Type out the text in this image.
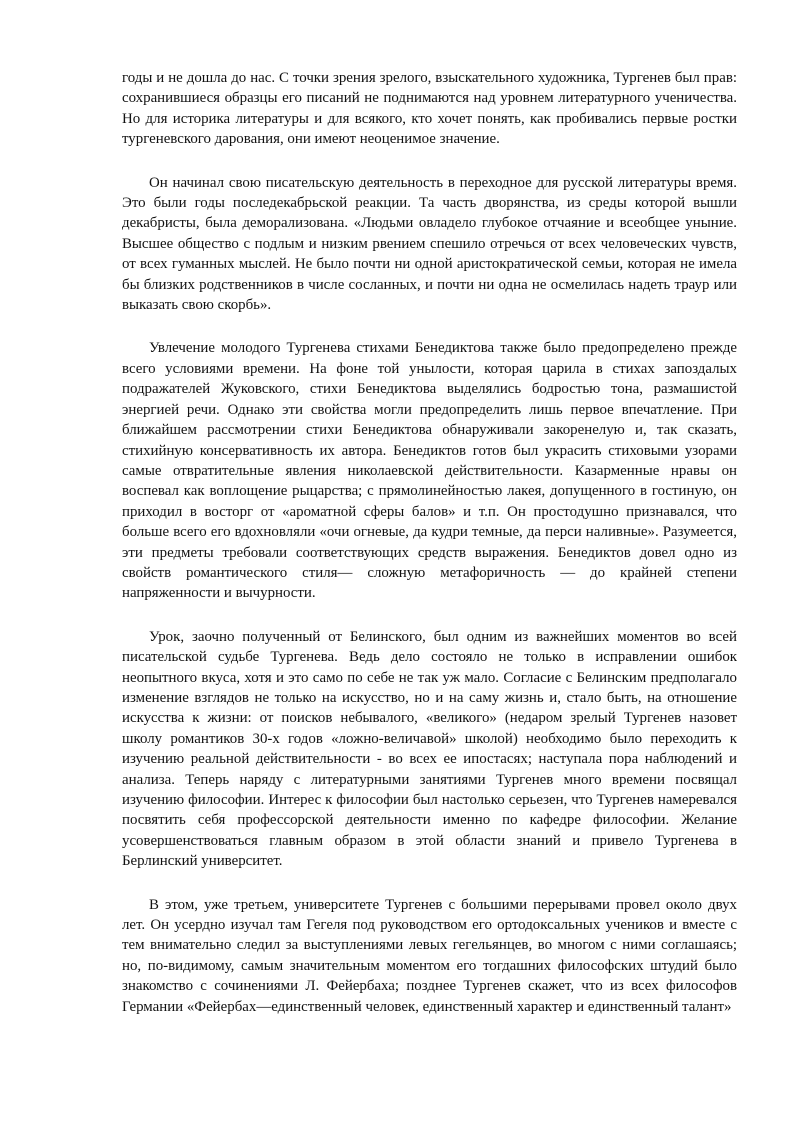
годы и не дошла до нас. С точки зрения зрелого, взыскательного художника, Тургенев был прав: сохранившиеся образцы его писаний не поднимаются над уровнем литературного ученичества. Но для историка литературы и для всякого, кто хочет понять, как пробивались первые ростки тургеневского дарования, они имеют неоценимое значение.

Он начинал свою писательскую деятельность в переходное для русской литературы время. Это были годы последекабрьской реакции. Та часть дворянства, из среды которой вышли декабристы, была деморализована. «Людьми овладело глубокое отчаяние и всеобщее уныние. Высшее общество с подлым и низким рвением спешило отречься от всех человеческих чувств, от всех гуманных мыслей. Не было почти ни одной аристократической семьи, которая не имела бы близких родственников в числе сосланных, и почти ни одна не осмелилась надеть траур или выказать свою скорбь».

Увлечение молодого Тургенева стихами Бенедиктова также было предопределено прежде всего условиями времени. На фоне той унылости, которая царила в стихах запоздалых подражателей Жуковского, стихи Бенедиктова выделялись бодростью тона, размашистой энергией речи. Однако эти свойства могли предопределить лишь первое впечатление. При ближайшем рассмотрении стихи Бенедиктова обнаруживали закоренелую и, так сказать, стихийную консервативность их автора. Бенедиктов готов был украсить стиховыми узорами самые отвратительные явления николаевской действительности. Казарменные нравы он воспевал как воплощение рыцарства; с прямолинейностью лакея, допущенного в гостиную, он приходил в восторг от «ароматной сферы балов» и т.п. Он простодушно признавался, что больше всего его вдохновляли «очи огневые, да кудри темные, да перси наливные». Разумеется, эти предметы требовали соответствующих средств выражения. Бенедиктов довел одно из свойств романтического стиля— сложную метафоричность — до крайней степени напряженности и вычурности.

Урок, заочно полученный от Белинского, был одним из важнейших моментов во всей писательской судьбе Тургенева. Ведь дело состояло не только в исправлении ошибок неопытного вкуса, хотя и это само по себе не так уж мало. Согласие с Белинским предполагало изменение взглядов не только на искусство, но и на саму жизнь и, стало быть, на отношение искусства к жизни: от поисков небывалого, «великого» (недаром зрелый Тургенев назовет школу романтиков 30-х годов «ложно-величавой» школой) необходимо было переходить к изучению реальной действительности - во всех ее ипостасях; наступала пора наблюдений и анализа. Теперь наряду с литературными занятиями Тургенев много времени посвящал изучению философии. Интерес к философии был настолько серьезен, что Тургенев намеревался посвятить себя профессорской деятельности именно по кафедре философии. Желание усовершенствоваться главным образом в этой области знаний и привело Тургенева в Берлинский университет.

В этом, уже третьем, университете Тургенев с большими перерывами провел около двух лет. Он усердно изучал там Гегеля под руководством его ортодоксальных учеников и вместе с тем внимательно следил за выступлениями левых гегельянцев, во многом с ними соглашаясь; но, по-видимому, самым значительным моментом его тогдашних философских штудий было знакомство с сочинениями Л. Фейербаха; позднее Тургенев скажет, что из всех философов Германии «Фейербах—единственный человек, единственный характер и единственный талант»
